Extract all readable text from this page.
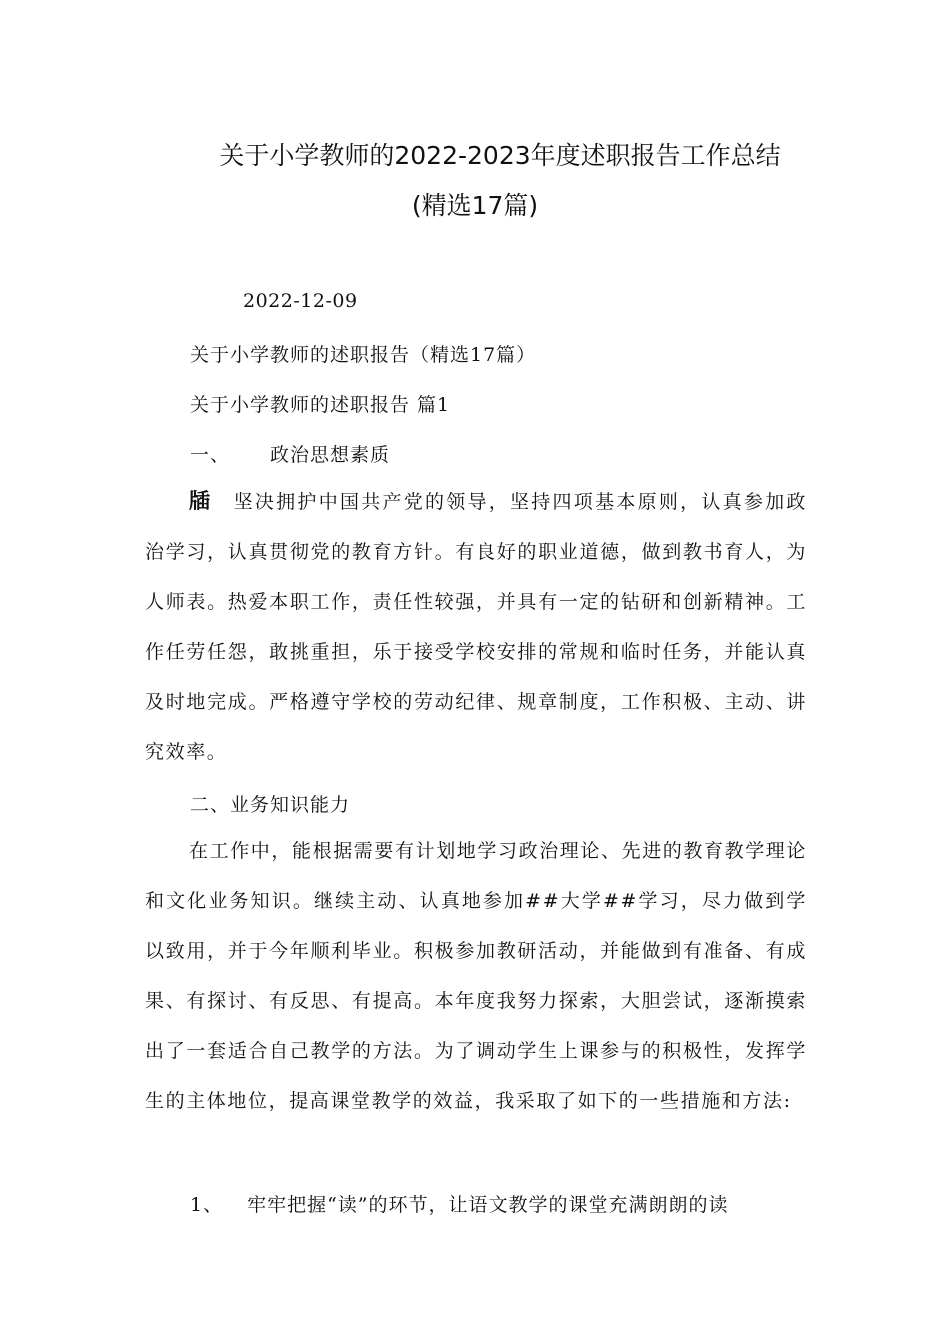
关于小学教师的2022-2023年度述职报告工作总结
(精选17篇)
2022-12-09
关于小学教师的述职报告（精选17篇）
关于小学教师的述职报告 篇1
一、 政治思想素质
牐 坚决拥护中国共产党的领导，坚持四项基本原则，认真参加政治学习，认真贯彻党的教育方针。有良好的职业道德，做到教书育人，为人师表。热爱本职工作，责任性较强，并具有一定的钻研和创新精神。工作任劳任怨，敢挑重担，乐于接受学校安排的常规和临时任务，并能认真及时地完成。严格遵守学校的劳动纪律、规章制度，工作积极、主动、讲究效率。
二、业务知识能力
在工作中，能根据需要有计划地学习政治理论、先进的教育教学理论和文化业务知识。继续主动、认真地参加##大学##学习，尽力做到学以致用，并于今年顺利毕业。积极参加教研活动，并能做到有准备、有成果、有探讨、有反思、有提高。本年度我努力探索，大胆尝试，逐渐摸索出了一套适合自己教学的方法。为了调动学生上课参与的积极性，发挥学生的主体地位，提高课堂教学的效益，我采取了如下的一些措施和方法:
1、 牢牢把握“读”的环节，让语文教学的课堂充满朗朗的读
